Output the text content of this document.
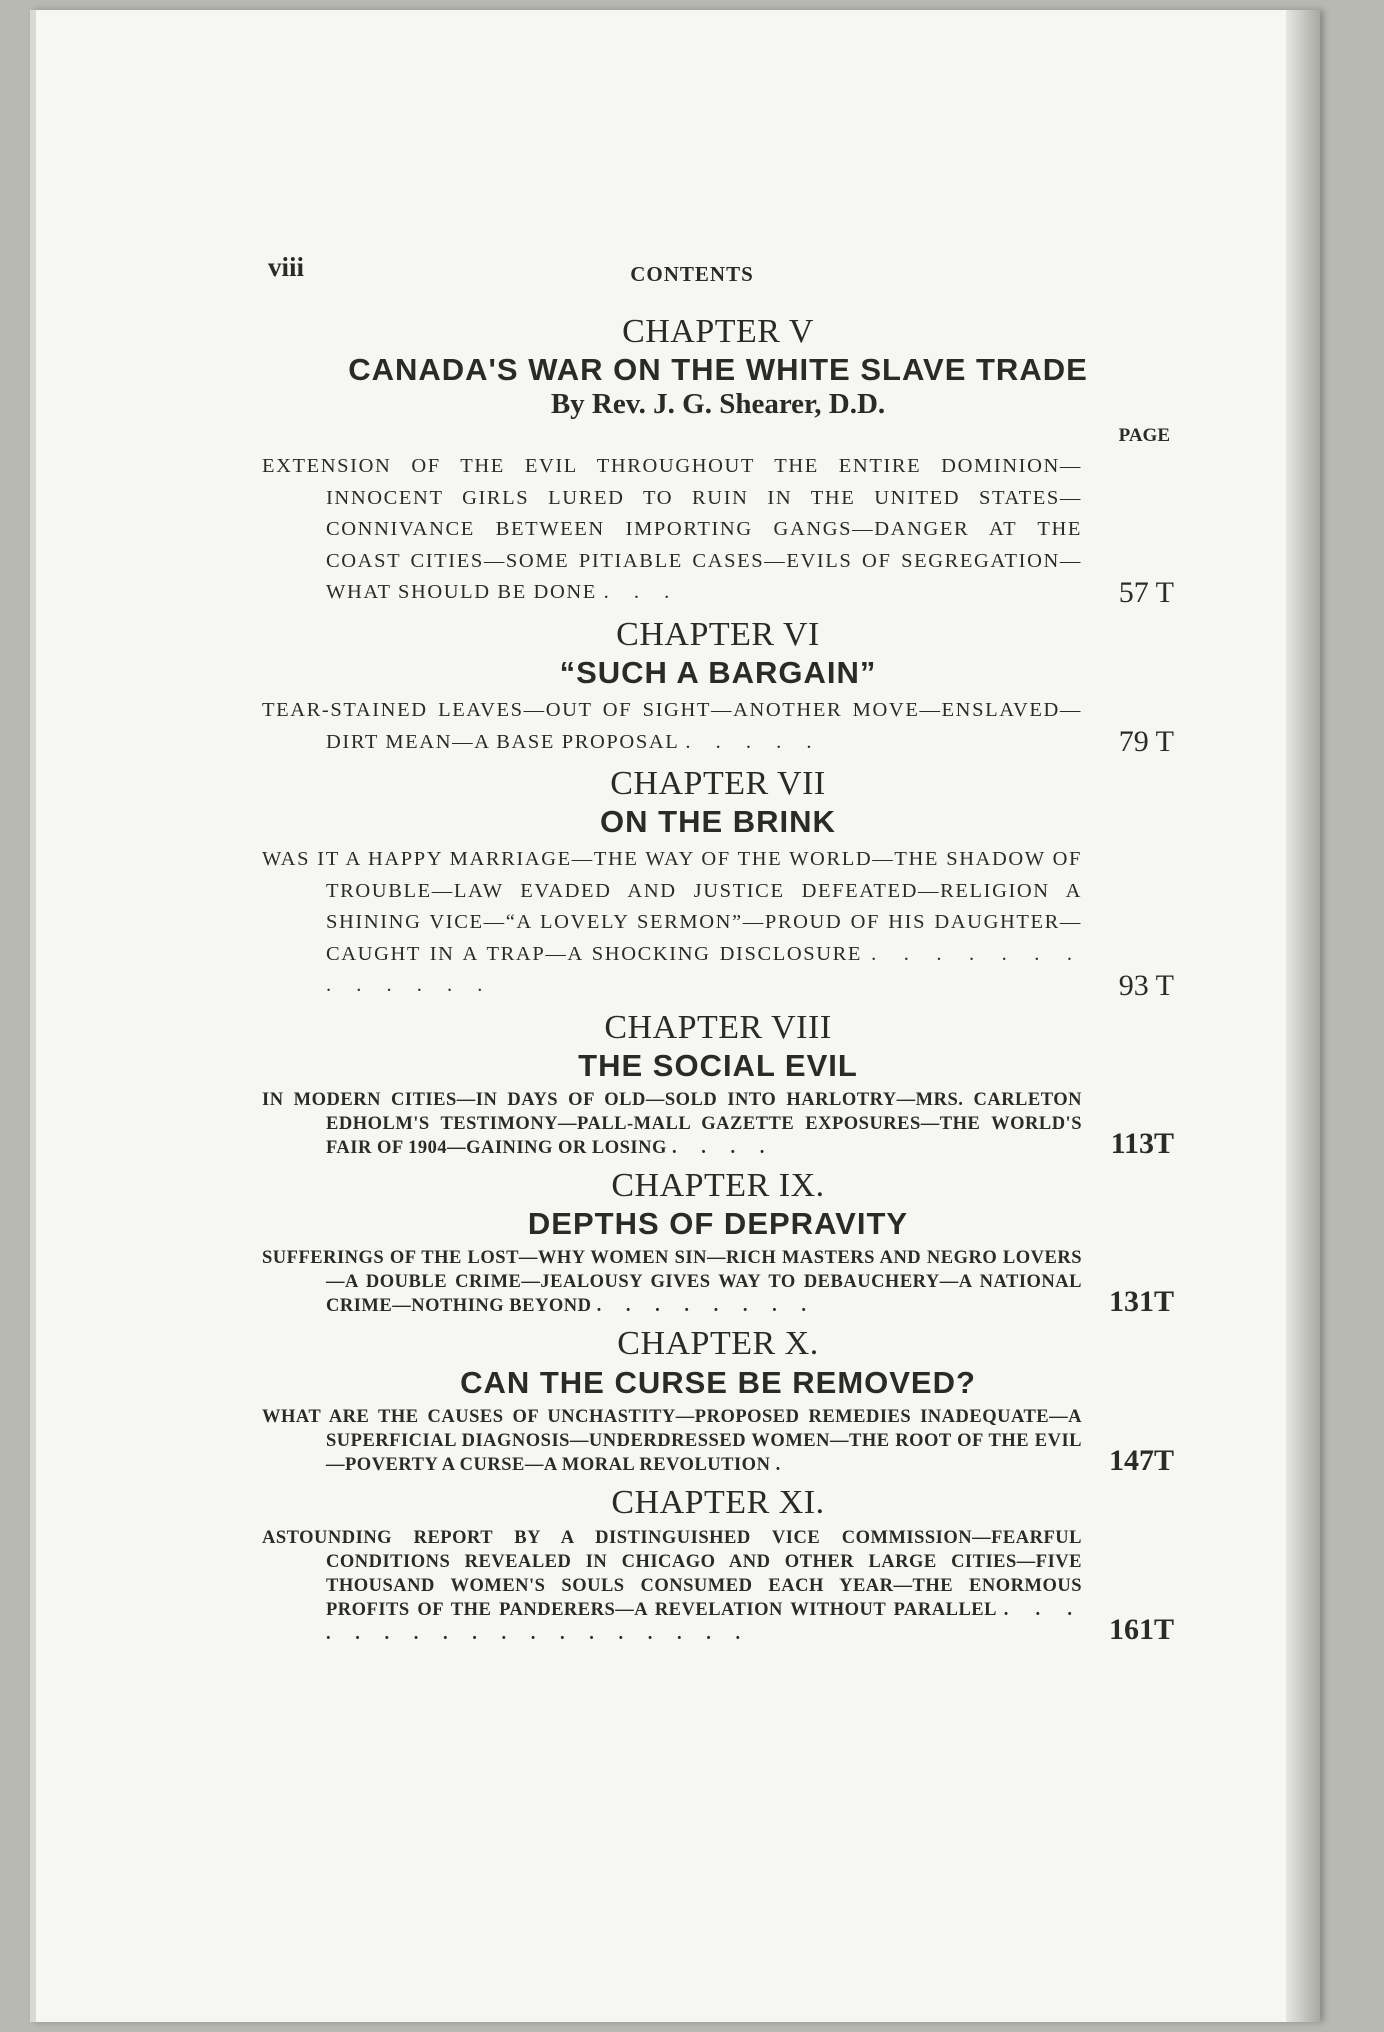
viii	CONTENTS

CHAPTER V

CANADA'S WAR ON THE WHITE SLAVE TRADE

By Rev. J. G. Shearer, D.D.

PAGE
EXTENSION OF THE EVIL THROUGHOUT THE ENTIRE DOMINION—INNOCENT GIRLS LURED TO RUIN IN THE UNITED STATES—CONNIVANCE BETWEEN IMPORTING GANGS—DANGER AT THE COAST CITIES—SOME PITIABLE CASES—EVILS OF SEGREGATION—WHAT SHOULD BE DONE . . .	57 T

CHAPTER VI

“SUCH A BARGAIN”

TEAR-STAINED LEAVES—OUT OF SIGHT—ANOTHER MOVE—ENSLAVED—DIRT MEAN—A BASE PROPOSAL . . . . .	79 T

CHAPTER VII

ON THE BRINK

WAS IT A HAPPY MARRIAGE—THE WAY OF THE WORLD—THE SHADOW OF TROUBLE—LAW EVADED AND JUSTICE DEFEATED—RELIGION A SHINING VICE—“A LOVELY SERMON”—PROUD OF HIS DAUGHTER—CAUGHT IN A TRAP—A SHOCKING DISCLOSURE . . . . . . . . . . . . .	93 T

CHAPTER VIII

THE SOCIAL EVIL

IN MODERN CITIES—IN DAYS OF OLD—SOLD INTO HARLOTRY—MRS. CARLETON EDHOLM'S TESTIMONY—PALL-MALL GAZETTE EXPOSURES—THE WORLD'S FAIR OF 1904—GAINING OR LOSING . . . .	113T

CHAPTER IX.

DEPTHS OF DEPRAVITY

SUFFERINGS OF THE LOST—WHY WOMEN SIN—RICH MASTERS AND NEGRO LOVERS—A DOUBLE CRIME—JEALOUSY GIVES WAY TO DEBAUCHERY—A NATIONAL CRIME—NOTHING BEYOND . . . . . . . .	131T

CHAPTER X.

CAN THE CURSE BE REMOVED?

WHAT ARE THE CAUSES OF UNCHASTITY—PROPOSED REMEDIES INADEQUATE—A SUPERFICIAL DIAGNOSIS—UNDERDRESSED WOMEN—THE ROOT OF THE EVIL—POVERTY A CURSE—A MORAL REVOLUTION .	147T

CHAPTER XI.

ASTOUNDING REPORT BY A DISTINGUISHED VICE COMMISSION—FEARFUL CONDITIONS REVEALED IN CHICAGO AND OTHER LARGE CITIES—FIVE THOUSAND WOMEN'S SOULS CONSUMED EACH YEAR—THE ENORMOUS PROFITS OF THE PANDERERS—A REVELATION WITHOUT PARALLEL . . . . . . . . . . . . . . . . . .	161T
